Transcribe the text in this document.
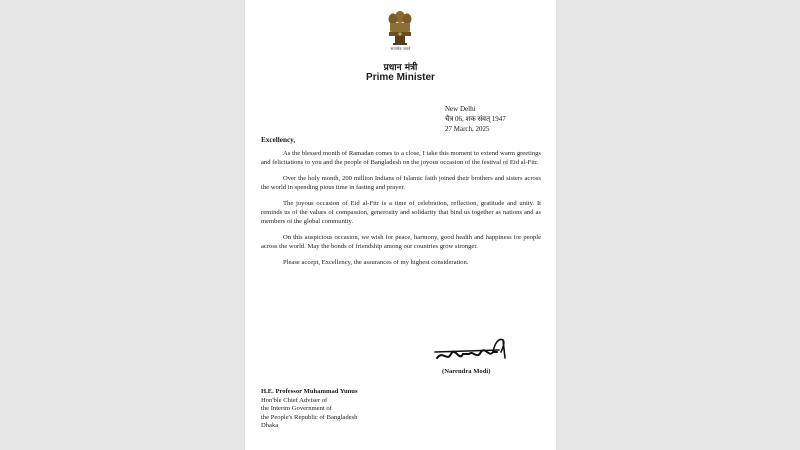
सत्यमेव जयते
प्रधान मंत्री
Prime Minister
New Delhi
चैत्र 06, शक संवत् 1947
27 March, 2025
Excellency,

As the blessed month of Ramadan comes to a close, I take this moment to extend warm greetings and felicitations to you and the people of Bangladesh on the joyous occasion of the festival of Eid al-Fitr.

Over the holy month, 200 million Indians of Islamic faith joined their brothers and sisters across the world in spending pious time in fasting and prayer.

The joyous occasion of Eid al-Fitr is a time of celebration, reflection, gratitude and unity. It reminds us of the values of compassion, generosity and solidarity that bind us together as nations and as members of the global community.

On this auspicious occasion, we wish for peace, harmony, good health and happiness for people across the world. May the bonds of friendship among our countries grow stronger.

Please accept, Excellency, the assurances of my highest consideration.

(Narendra Modi)
H.E. Professor Muhammad Yunus
Hon'ble Chief Adviser of
the Interim Government of
the People's Republic of Bangladesh
Dhaka
